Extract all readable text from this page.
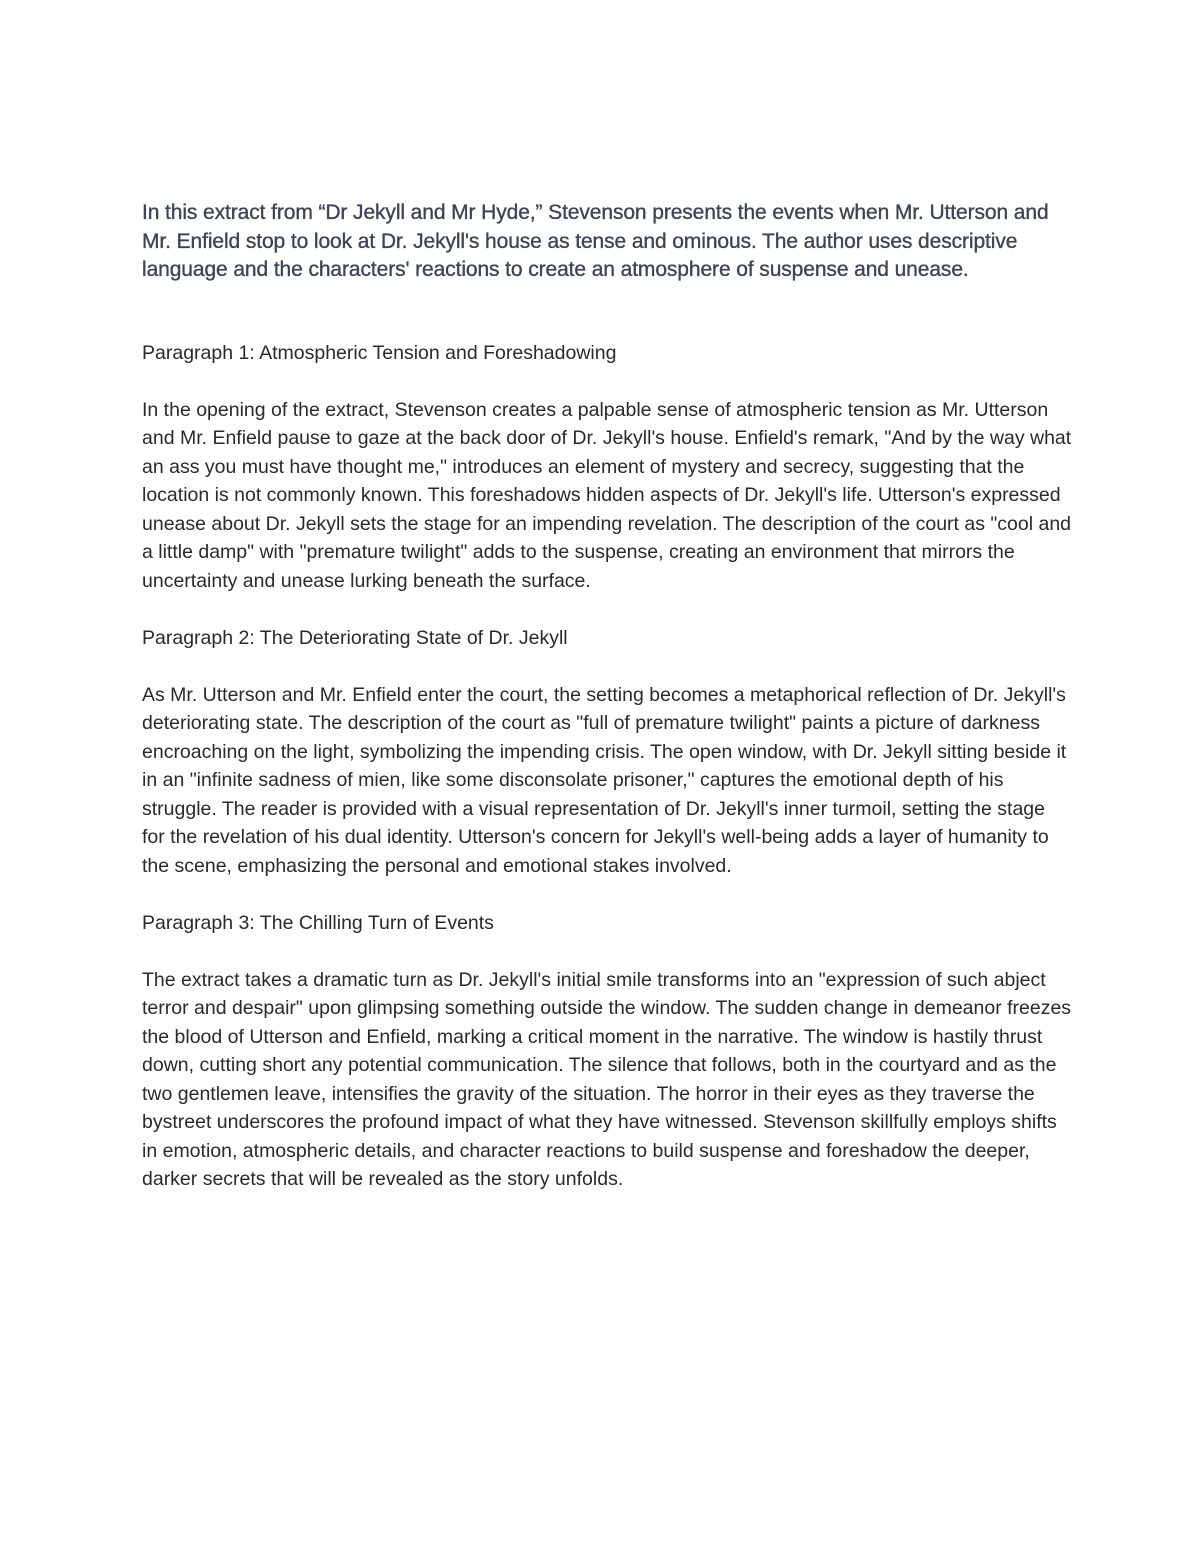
In this extract from “Dr Jekyll and Mr Hyde,” Stevenson presents the events when Mr. Utterson and Mr. Enfield stop to look at Dr. Jekyll's house as tense and ominous. The author uses descriptive language and the characters' reactions to create an atmosphere of suspense and unease.

Paragraph 1: Atmospheric Tension and Foreshadowing

In the opening of the extract, Stevenson creates a palpable sense of atmospheric tension as Mr. Utterson and Mr. Enfield pause to gaze at the back door of Dr. Jekyll's house. Enfield's remark, "And by the way what an ass you must have thought me," introduces an element of mystery and secrecy, suggesting that the location is not commonly known. This foreshadows hidden aspects of Dr. Jekyll's life. Utterson's expressed unease about Dr. Jekyll sets the stage for an impending revelation. The description of the court as "cool and a little damp" with "premature twilight" adds to the suspense, creating an environment that mirrors the uncertainty and unease lurking beneath the surface.

Paragraph 2: The Deteriorating State of Dr. Jekyll

As Mr. Utterson and Mr. Enfield enter the court, the setting becomes a metaphorical reflection of Dr. Jekyll's deteriorating state. The description of the court as "full of premature twilight" paints a picture of darkness encroaching on the light, symbolizing the impending crisis. The open window, with Dr. Jekyll sitting beside it in an "infinite sadness of mien, like some disconsolate prisoner," captures the emotional depth of his struggle. The reader is provided with a visual representation of Dr. Jekyll's inner turmoil, setting the stage for the revelation of his dual identity. Utterson's concern for Jekyll's well-being adds a layer of humanity to the scene, emphasizing the personal and emotional stakes involved.

Paragraph 3: The Chilling Turn of Events

The extract takes a dramatic turn as Dr. Jekyll's initial smile transforms into an "expression of such abject terror and despair" upon glimpsing something outside the window. The sudden change in demeanor freezes the blood of Utterson and Enfield, marking a critical moment in the narrative. The window is hastily thrust down, cutting short any potential communication. The silence that follows, both in the courtyard and as the two gentlemen leave, intensifies the gravity of the situation. The horror in their eyes as they traverse the bystreet underscores the profound impact of what they have witnessed. Stevenson skillfully employs shifts in emotion, atmospheric details, and character reactions to build suspense and foreshadow the deeper, darker secrets that will be revealed as the story unfolds.
